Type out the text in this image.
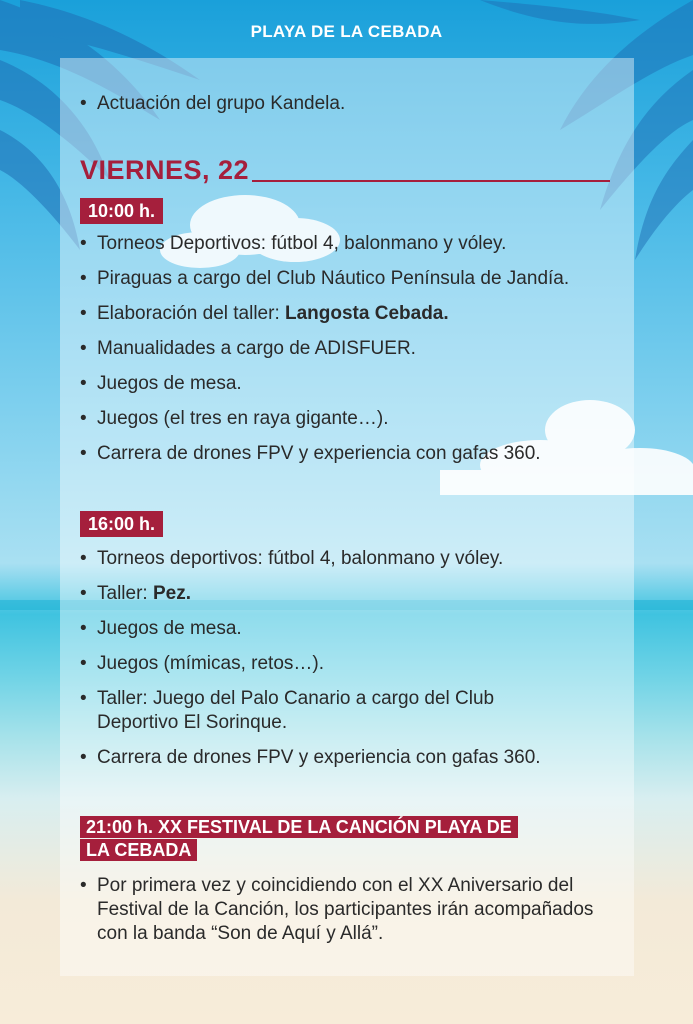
PLAYA DE LA CEBADA
• Actuación del grupo Kandela.
VIERNES, 22
10:00 h.
• Torneos Deportivos: fútbol 4, balonmano y vóley.
• Piraguas a cargo del Club Náutico Península de Jandía.
• Elaboración del taller: Langosta Cebada.
• Manualidades a cargo de ADISFUER.
• Juegos de mesa.
• Juegos (el tres en raya gigante…).
• Carrera de drones FPV y experiencia con gafas 360.
16:00 h.
• Torneos deportivos: fútbol 4, balonmano y vóley.
• Taller: Pez.
• Juegos de mesa.
• Juegos (mímicas, retos…).
• Taller: Juego del Palo Canario a cargo del Club Deportivo El Sorinque.
• Carrera de drones FPV y experiencia con gafas 360.
21:00 h. XX FESTIVAL DE LA CANCIÓN PLAYA DE
LA CEBADA
• Por primera vez y coincidiendo con el XX Aniversario del Festival de la Canción, los participantes irán acompañados con la banda “Son de Aquí y Allá”.
